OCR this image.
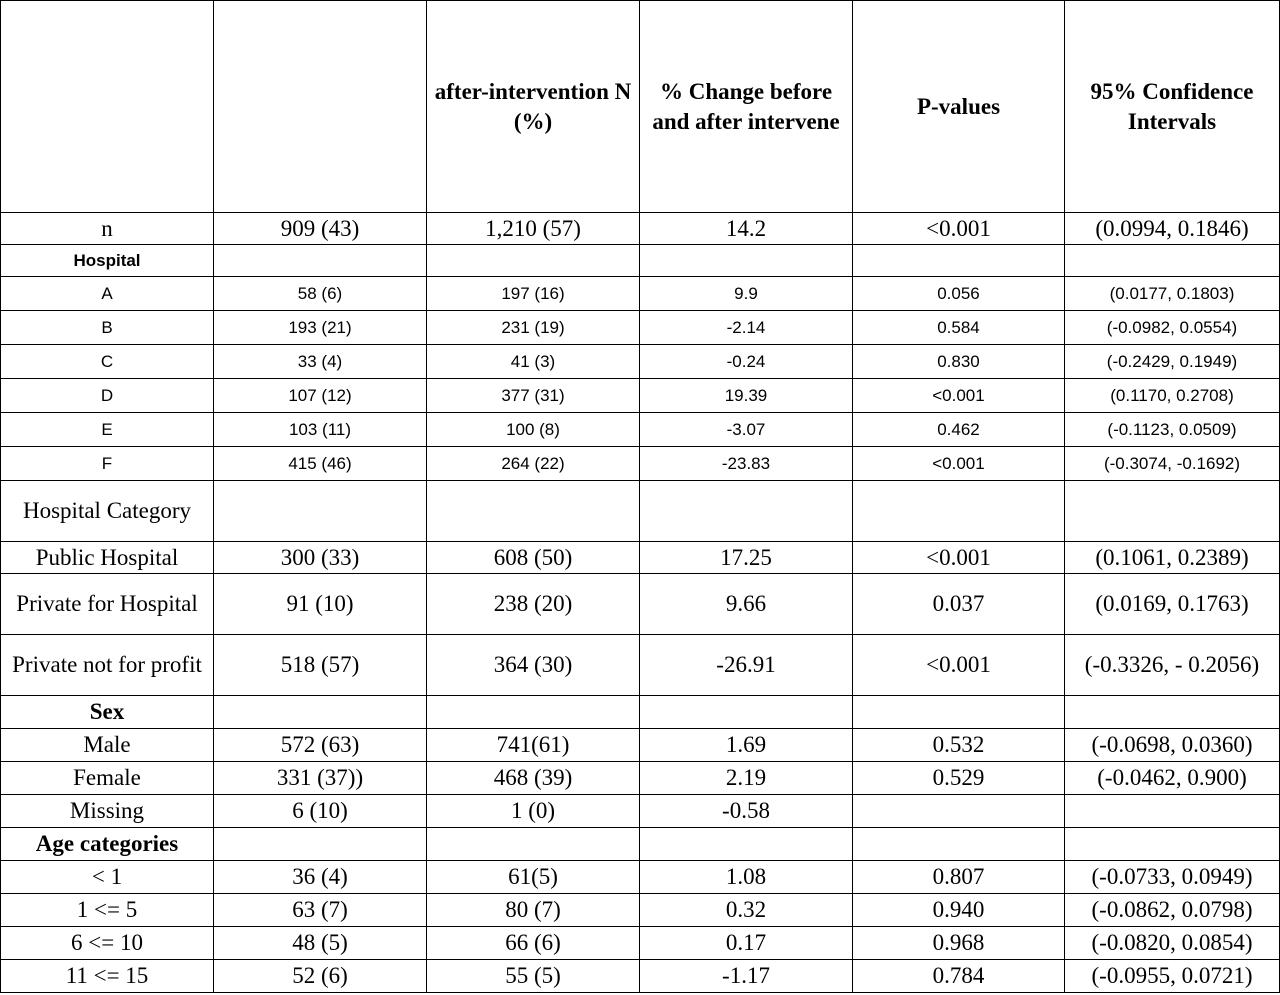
		after-intervention N (%)	% Change before and after intervene	P-values	95% Confidence Intervals
n	909 (43)	1,210 (57)	14.2	<0.001	(0.0994, 0.1846)
Hospital					
A	58 (6)	197 (16)	9.9	0.056	(0.0177, 0.1803)
B	193 (21)	231 (19)	-2.14	0.584	(-0.0982, 0.0554)
C	33 (4)	41 (3)	-0.24	0.830	(-0.2429, 0.1949)
D	107 (12)	377 (31)	19.39	<0.001	(0.1170, 0.2708)
E	103 (11)	100 (8)	-3.07	0.462	(-0.1123, 0.0509)
F	415 (46)	264 (22)	-23.83	<0.001	(-0.3074, -0.1692)
Hospital Category					
Public Hospital	300 (33)	608 (50)	17.25	<0.001	(0.1061, 0.2389)
Private for Hospital	91 (10)	238 (20)	9.66	0.037	(0.0169, 0.1763)
Private not for profit	518 (57)	364 (30)	-26.91	<0.001	(-0.3326, - 0.2056)
Sex					
Male	572 (63)	741(61)	1.69	0.532	(-0.0698, 0.0360)
Female	331 (37))	468 (39)	2.19	0.529	(-0.0462, 0.900)
Missing	6 (10)	1 (0)	-0.58		
Age categories					
< 1	36 (4)	61(5)	1.08	0.807	(-0.0733, 0.0949)
1 <= 5	63 (7)	80 (7)	0.32	0.940	(-0.0862, 0.0798)
6 <= 10	48 (5)	66 (6)	0.17	0.968	(-0.0820, 0.0854)
11 <= 15	52 (6)	55 (5)	-1.17	0.784	(-0.0955, 0.0721)
